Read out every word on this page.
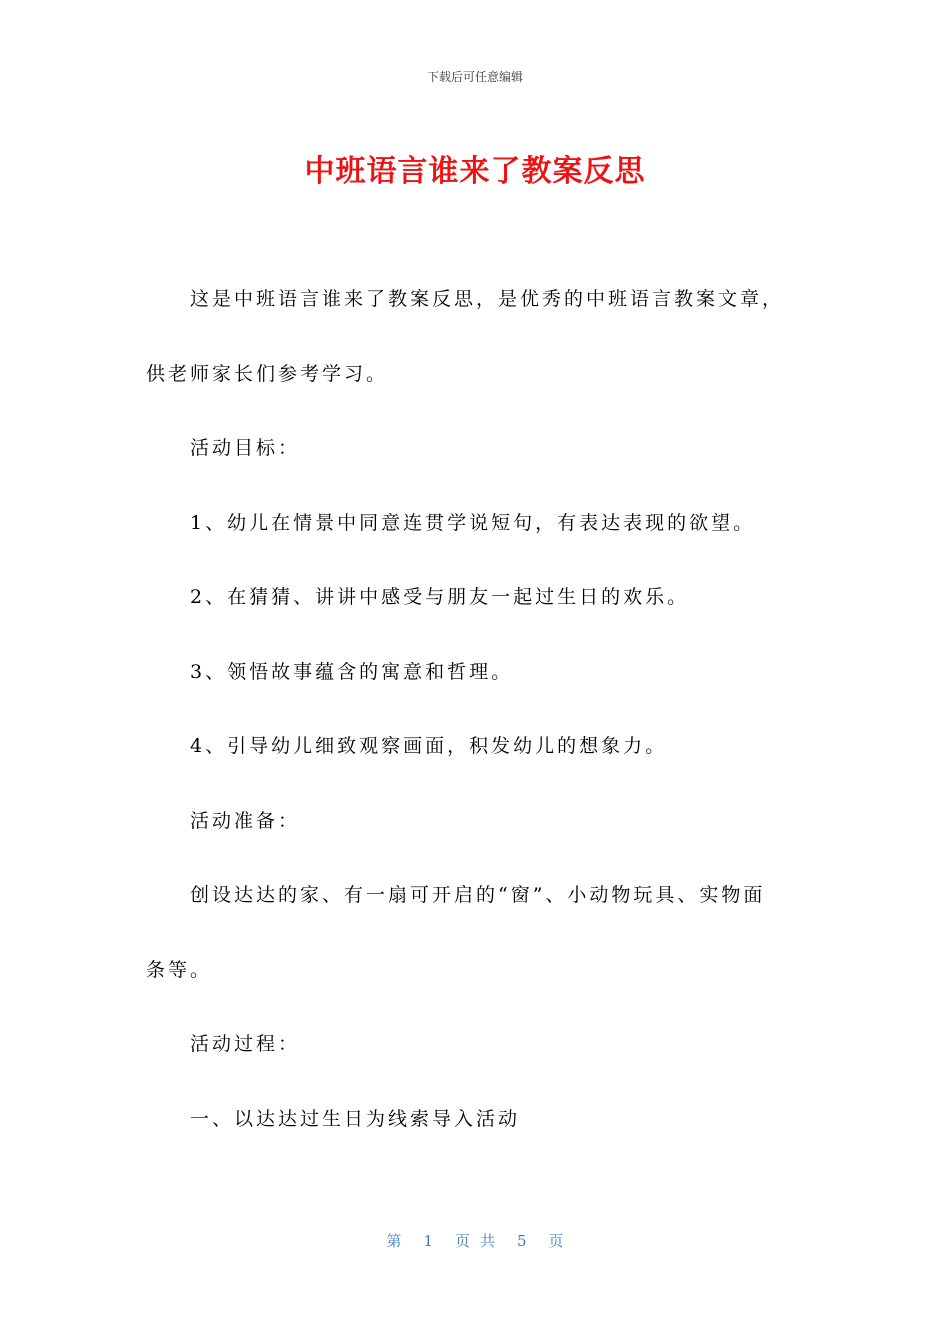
下载后可任意编辑
中班语言谁来了教案反思
这是中班语言谁来了教案反思，是优秀的中班语言教案文章，
供老师家长们参考学习。
活动目标：
1、幼儿在情景中同意连贯学说短句，有表达表现的欲望。
2、在猜猜、讲讲中感受与朋友一起过生日的欢乐。
3、领悟故事蕴含的寓意和哲理。
4、引导幼儿细致观察画面，积发幼儿的想象力。
活动准备：
创设达达的家、有一扇可开启的“窗”、小动物玩具、实物面
条等。
活动过程：
一、以达达过生日为线索导入活动
第 1 页共 5 页
